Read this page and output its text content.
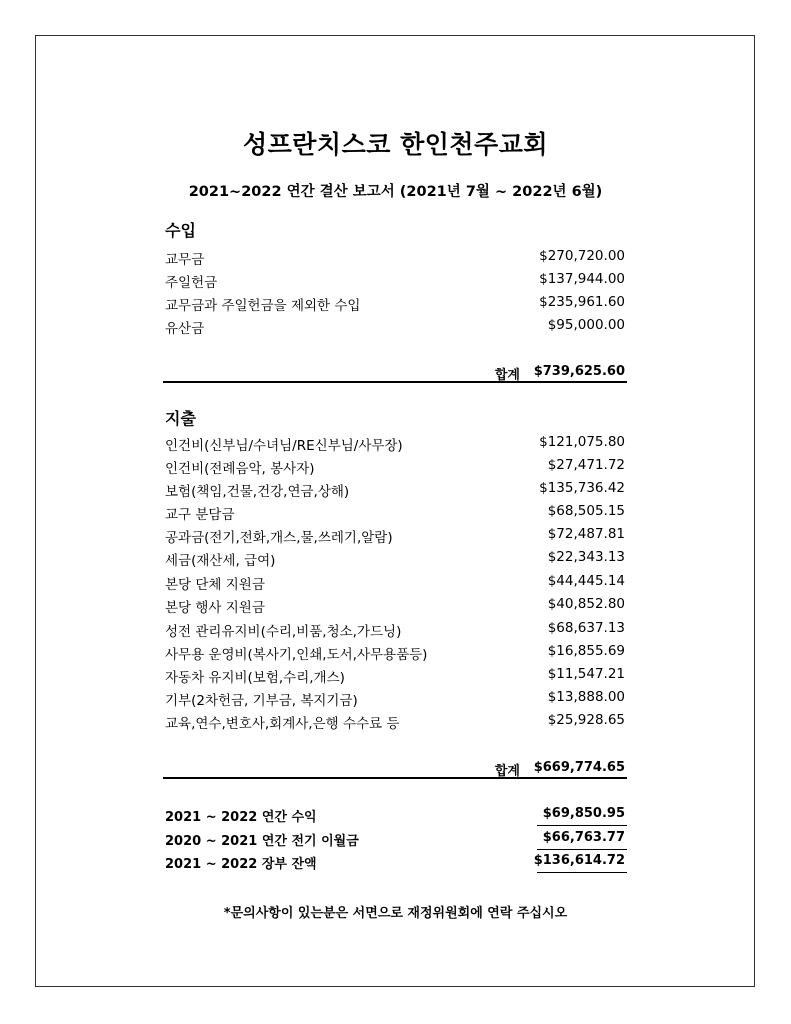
성프란치스코 한인천주교회
2021~2022 연간 결산 보고서 (2021년 7월 ~ 2022년 6월)
수입
교무금	$270,720.00
주일헌금	$137,944.00
교무금과 주일헌금을 제외한 수입	$235,961.60
유산금	$95,000.00
합계 $739,625.60
지출
인건비(신부님/수녀님/RE신부님/사무장)	$121,075.80
인건비(전례음악, 봉사자)	$27,471.72
보험(책임,건물,건강,연금,상해)	$135,736.42
교구 분담금	$68,505.15
공과금(전기,전화,개스,물,쓰레기,알람)	$72,487.81
세금(재산세, 급여)	$22,343.13
본당 단체 지원금	$44,445.14
본당 행사 지원금	$40,852.80
성전 관리유지비(수리,비품,청소,가드닝)	$68,637.13
사무용 운영비(복사기,인쇄,도서,사무용품등)	$16,855.69
자동차 유지비(보험,수리,개스)	$11,547.21
기부(2차헌금, 기부금, 복지기금)	$13,888.00
교육,연수,변호사,회계사,은행 수수료 등	$25,928.65
합계 $669,774.65
2021 ~ 2022 연간 수익	$69,850.95
2020 ~ 2021 연간 전기 이월금	$66,763.77
2021 ~ 2022 장부 잔액	$136,614.72
*문의사항이 있는분은 서면으로 재정위원회에 연락 주십시오
